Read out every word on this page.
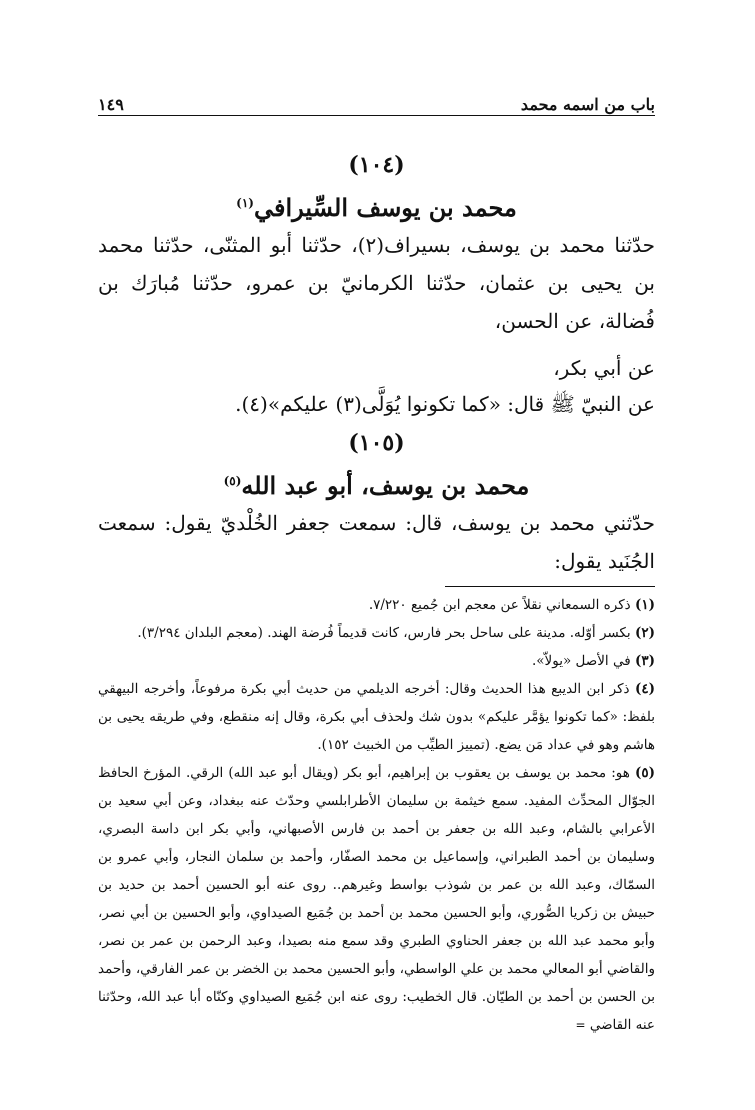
باب من اسمه محمد
١٤٩

(١٠٤)

محمد بن يوسف السِّيرافي$^{(١)}$

حدّثنا محمد بن يوسف، بسيراف(٢)، حدّثنا أبو المثنّى، حدّثنا محمد بن يحيى بن عثمان، حدّثنا الكرمانيّ بن عمرو، حدّثنا مُبارَك بن فُضالة، عن الحسن،

عن أبي بكر،

عن النبيّ ﷺ قال: «كما تكونوا يُوَلَّى(٣) عليكم»(٤).

(١٠٥)

محمد بن يوسف، أبو عبد الله$^{(٥)}$

حدّثني محمد بن يوسف، قال: سمعت جعفر الخُلْديّ يقول: سمعت الجُنَيد يقول:

(١) ذكره السمعاني نقلاً عن معجم ابن جُميع ٧/٢٢٠.

(٢) بكسر أوّله. مدينة على ساحل بحر فارس، كانت قديماً فُرضة الهند. (معجم البلدان ٣/٢٩٤).

(٣) في الأصل «يولاّ».

(٤) ذكر ابن الديبع هذا الحديث وقال: أخرجه الديلمي من حديث أبي بكرة مرفوعاً، وأخرجه البيهقي بلفظ: «كما تكونوا يؤمَّر عليكم» بدون شك ولحذف أبي بكرة، وقال إنه منقطع، وفي طريقه يحيى بن هاشم وهو في عداد مَن يضع. (تمييز الطيِّب من الخبيث ١٥٢).

(٥) هو: محمد بن يوسف بن يعقوب بن إبراهيم، أبو بكر (ويقال أبو عبد الله) الرقي. المؤرخ الحافظ الجوّال المحدِّث المفيد. سمع خيثمة بن سليمان الأطرابلسي وحدّث عنه ببغداد، وعن أبي سعيد بن الأعرابي بالشام، وعبد الله بن جعفر بن أحمد بن فارس الأصبهاني، وأبي بكر ابن داسة البصري، وسليمان بن أحمد الطبراني، وإسماعيل بن محمد الصفّار، وأحمد بن سلمان النجار، وأبي عمرو بن السمّاك، وعبد الله بن عمر بن شوذب بواسط وغيرهم.. روى عنه أبو الحسين أحمد بن حديد بن حبيش بن زكريا الصُّوري، وأبو الحسين محمد بن أحمد بن جُمَيع الصيداوي، وأبو الحسين بن أبي نصر، وأبو محمد عبد الله بن جعفر الحناوي الطبري وقد سمع منه بصيدا، وعبد الرحمن بن عمر بن نصر، والقاضي أبو المعالي محمد بن علي الواسطي، وأبو الحسين محمد بن الخضر بن عمر الفارقي، وأحمد بن الحسن بن أحمد بن الطيّان. قال الخطيب: روى عنه ابن جُمَيع الصيداوي وكنّاه أبا عبد الله، وحدّثنا عنه القاضي =
